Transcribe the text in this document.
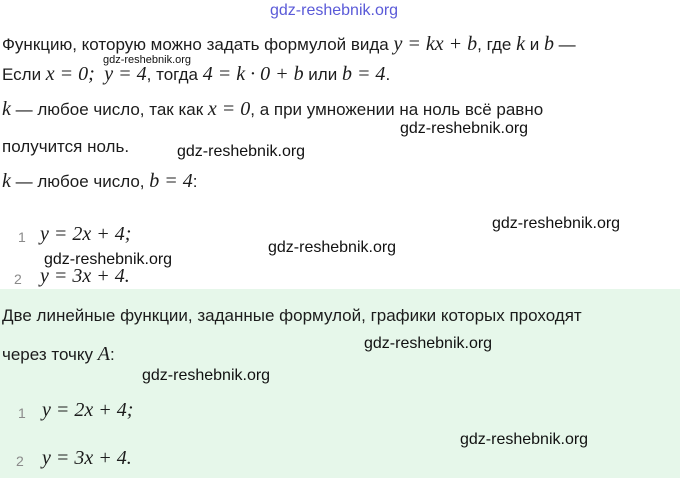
gdz-reshebnik.org
Функцию, которую можно задать формулой вида y = kx + b, где k и b —
gdz-reshebnik.org
Если x = 0; y = 4, тогда 4 = k · 0 + b или b = 4.
k — любое число, так как x = 0, а при умножении на ноль всё равно
gdz-reshebnik.org
получится ноль.	gdz-reshebnik.org
k — любое число, b = 4:
1 y = 2x + 4;	gdz-reshebnik.org
gdz-reshebnik.org
gdz-reshebnik.org
2 y = 3x + 4.
Две линейные функции, заданные формулой, графики которых проходят
через точку A:
gdz-reshebnik.org
gdz-reshebnik.org
1 y = 2x + 4;
gdz-reshebnik.org
2 y = 3x + 4.
